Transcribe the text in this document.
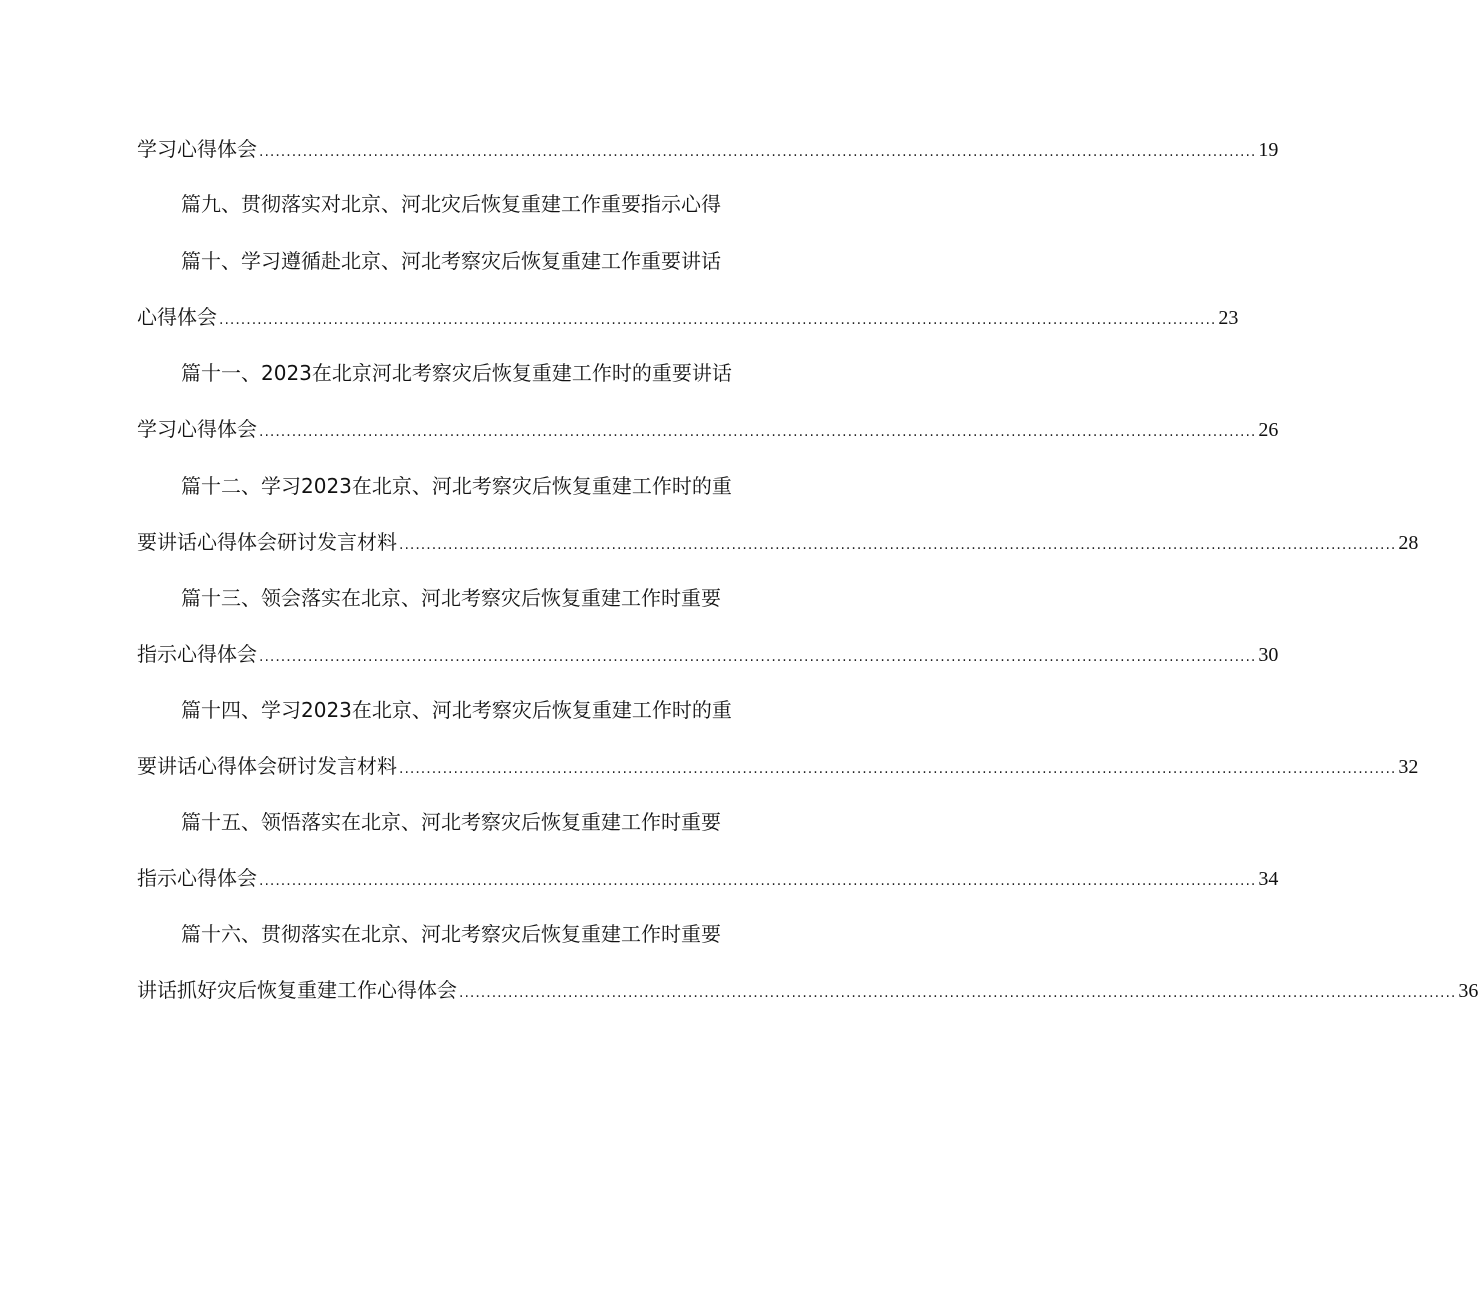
学习心得体会 ....................................................................................................................................................................................... 19
篇九、贯彻落实对北京、河北灾后恢复重建工作重要指示心得
篇十、学习遵循赴北京、河北考察灾后恢复重建工作重要讲话
心得体会 ....................................................................................................................................................................................... 23
篇十一、2023在北京河北考察灾后恢复重建工作时的重要讲话
学习心得体会 ....................................................................................................................................................................................... 26
篇十二、学习2023在北京、河北考察灾后恢复重建工作时的重
要讲话心得体会研讨发言材料 ....................................................................................................................................................................................... 28
篇十三、领会落实在北京、河北考察灾后恢复重建工作时重要
指示心得体会 ....................................................................................................................................................................................... 30
篇十四、学习2023在北京、河北考察灾后恢复重建工作时的重
要讲话心得体会研讨发言材料 ....................................................................................................................................................................................... 32
篇十五、领悟落实在北京、河北考察灾后恢复重建工作时重要
指示心得体会 ....................................................................................................................................................................................... 34
篇十六、贯彻落实在北京、河北考察灾后恢复重建工作时重要
讲话抓好灾后恢复重建工作心得体会 ....................................................................................................................................................................................... 36
